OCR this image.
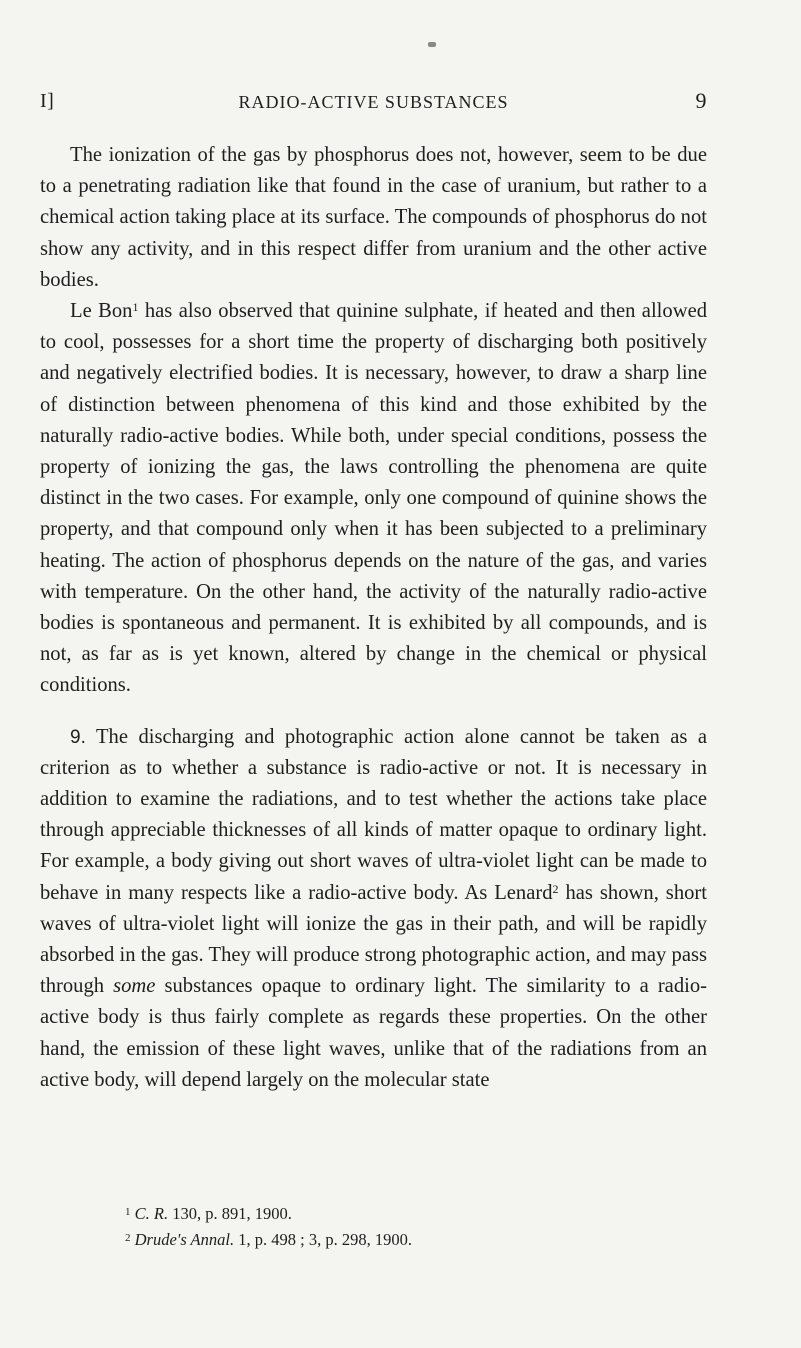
I]	RADIO-ACTIVE SUBSTANCES	9

The ionization of the gas by phosphorus does not, however, seem to be due to a penetrating radiation like that found in the case of uranium, but rather to a chemical action taking place at its surface. The compounds of phosphorus do not show any activity, and in this respect differ from uranium and the other active bodies.

Le Bon$^1$ has also observed that quinine sulphate, if heated and then allowed to cool, possesses for a short time the property of discharging both positively and negatively electrified bodies. It is necessary, however, to draw a sharp line of distinction between phenomena of this kind and those exhibited by the naturally radio-active bodies. While both, under special conditions, possess the property of ionizing the gas, the laws controlling the phenomena are quite distinct in the two cases. For example, only one compound of quinine shows the property, and that compound only when it has been subjected to a preliminary heating. The action of phosphorus depends on the nature of the gas, and varies with temperature. On the other hand, the activity of the naturally radio-active bodies is spontaneous and permanent. It is exhibited by all compounds, and is not, as far as is yet known, altered by change in the chemical or physical conditions.

9. The discharging and photographic action alone cannot be taken as a criterion as to whether a substance is radio-active or not. It is necessary in addition to examine the radiations, and to test whether the actions take place through appreciable thicknesses of all kinds of matter opaque to ordinary light. For example, a body giving out short waves of ultra-violet light can be made to behave in many respects like a radio-active body. As Lenard$^2$ has shown, short waves of ultra-violet light will ionize the gas in their path, and will be rapidly absorbed in the gas. They will produce strong photographic action, and may pass through some substances opaque to ordinary light. The similarity to a radio-active body is thus fairly complete as regards these properties. On the other hand, the emission of these light waves, unlike that of the radiations from an active body, will depend largely on the molecular state

​
$^1$ C. R. 130, p. 891, 1900.
$^2$ Drude's Annal. 1, p. 498 ; 3, p. 298, 1900.
